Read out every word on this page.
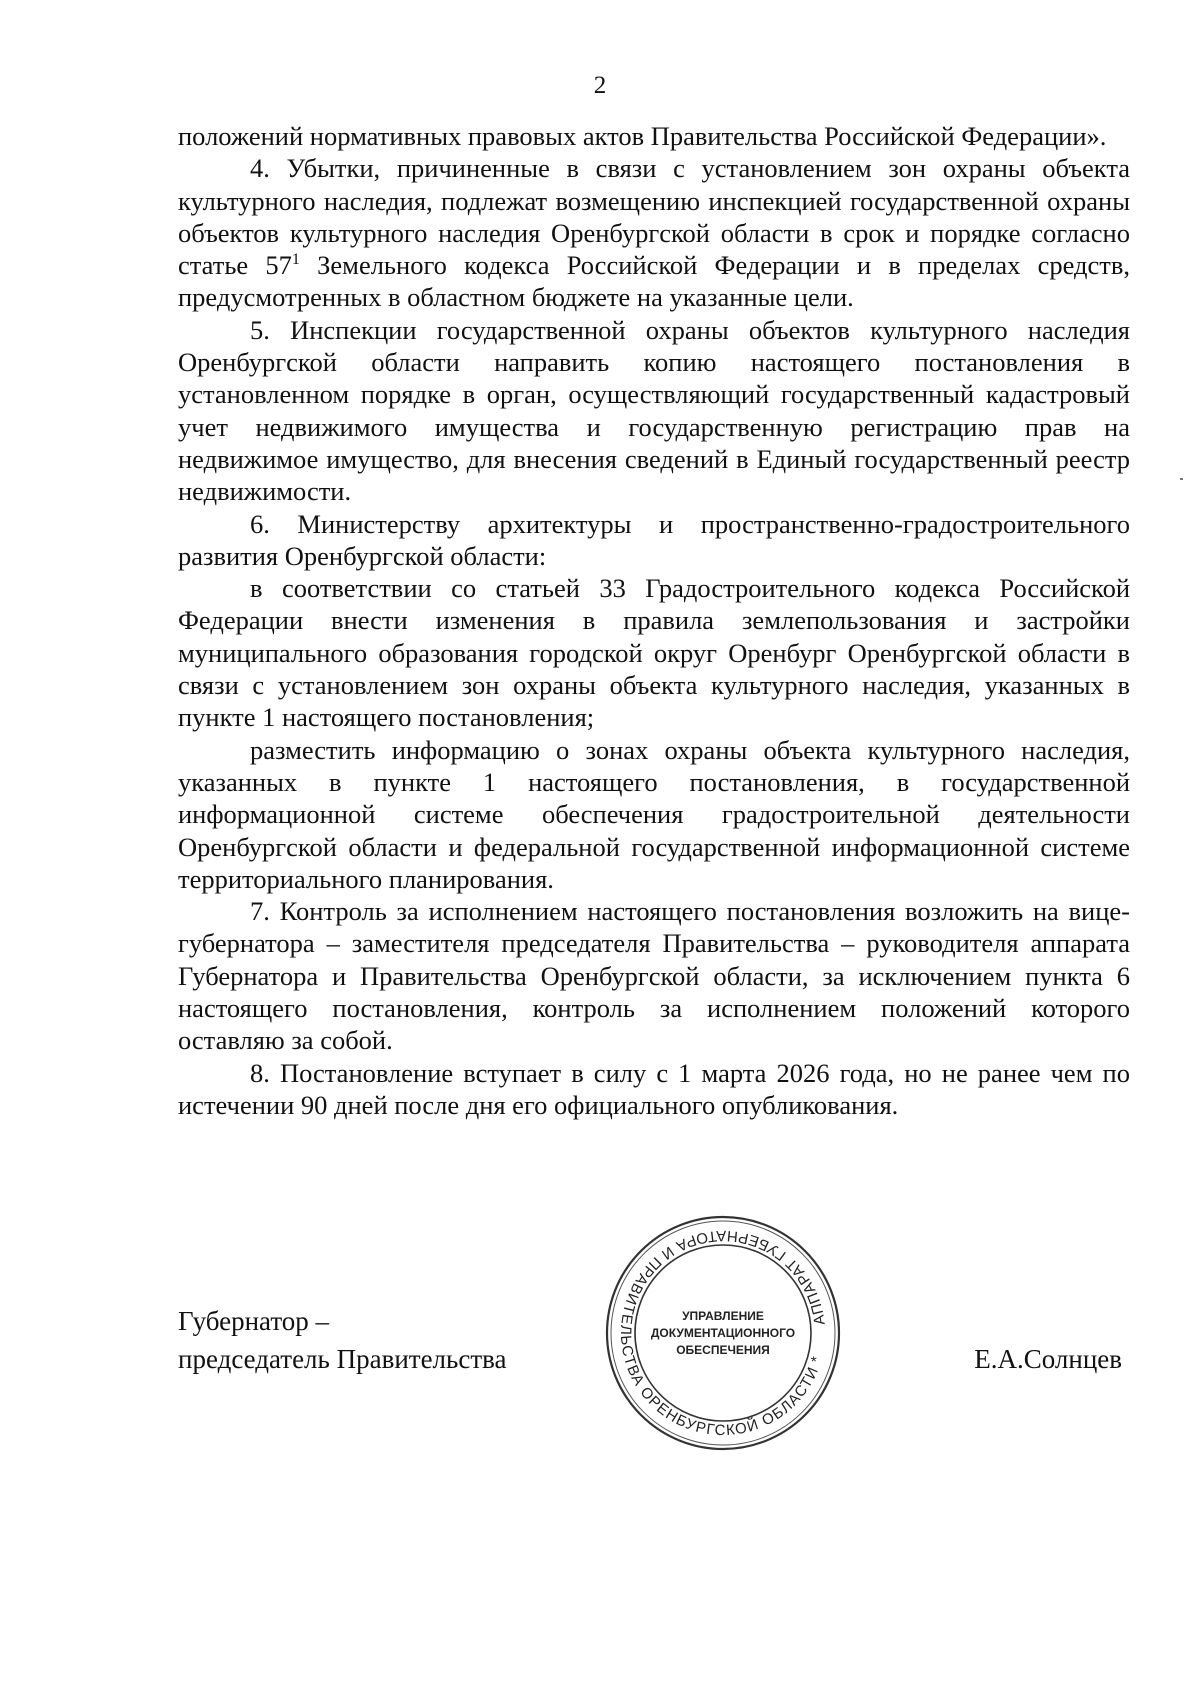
2

положений нормативных правовых актов Правительства Российской Федерации».

4. Убытки, причиненные в связи с установлением зон охраны объекта культурного наследия, подлежат возмещению инспекцией государственной охраны объектов культурного наследия Оренбургской области в срок и порядке согласно статье $57^1$ Земельного кодекса Российской Федерации и в пределах средств, предусмотренных в областном бюджете на указанные цели.

5. Инспекции государственной охраны объектов культурного наследия Оренбургской области направить копию настоящего постановления в установленном порядке в орган, осуществляющий государственный кадастровый учет недвижимого имущества и государственную регистрацию прав на недвижимое имущество, для внесения сведений в Единый государственный реестр недвижимости.

6. Министерству архитектуры и пространственно-градостроительного развития Оренбургской области:

в соответствии со статьей 33 Градостроительного кодекса Российской Федерации внести изменения в правила землепользования и застройки муниципального образования городской округ Оренбург Оренбургской области в связи с установлением зон охраны объекта культурного наследия, указанных в пункте 1 настоящего постановления;

разместить информацию о зонах охраны объекта культурного наследия, указанных в пункте 1 настоящего постановления, в государственной информационной системе обеспечения градостроительной деятельности Оренбургской области и федеральной государственной информационной системе территориального планирования.

7. Контроль за исполнением настоящего постановления возложить на вице-губернатора – заместителя председателя Правительства – руководителя аппарата Губернатора и Правительства Оренбургской области, за исключением пункта 6 настоящего постановления, контроль за исполнением положений которого оставляю за собой.

8. Постановление вступает в силу с 1 марта 2026 года, но не ранее чем по истечении 90 дней после дня его официального опубликования.

Губернатор –
председатель Правительства
АППАРАТ ГУБЕРНАТОРА И ПРАВИТЕЛЬСТВА ОРЕНБУРГСКОЙ ОБЛАСТИ *
УПРАВЛЕНИЕ
ДОКУМЕНТАЦИОННОГО
ОБЕСПЕЧЕНИЯ	Е.А.Солнцев
